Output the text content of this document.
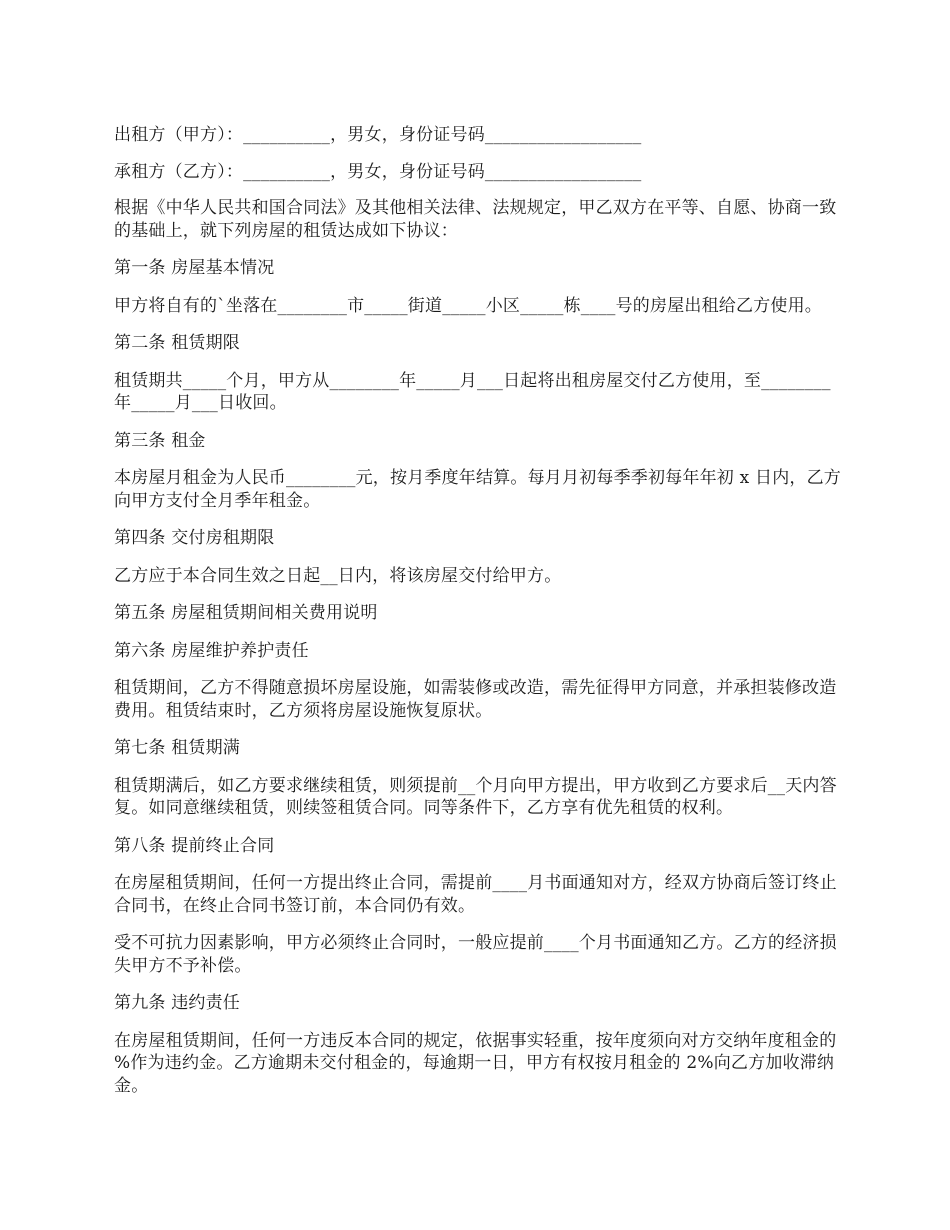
出租方（甲方）：__________，男女，身份证号码__________________

承租方（乙方）：__________，男女，身份证号码__________________

根据《中华人民共和国合同法》及其他相关法律、法规规定，甲乙双方在平等、自愿、协商一致的基础上，就下列房屋的租赁达成如下协议：

第一条 房屋基本情况

甲方将自有的`坐落在________市_____街道_____小区_____栋____号的房屋出租给乙方使用。

第二条 租赁期限

租赁期共_____个月，甲方从________年_____月___日起将出租房屋交付乙方使用，至________年_____月___日收回。

第三条 租金

本房屋月租金为人民币________元，按月季度年结算。每月月初每季季初每年年初 x 日内，乙方向甲方支付全月季年租金。

第四条 交付房租期限

乙方应于本合同生效之日起__日内，将该房屋交付给甲方。

第五条 房屋租赁期间相关费用说明

第六条 房屋维护养护责任

租赁期间，乙方不得随意损坏房屋设施，如需装修或改造，需先征得甲方同意，并承担装修改造费用。租赁结束时，乙方须将房屋设施恢复原状。

第七条 租赁期满

租赁期满后，如乙方要求继续租赁，则须提前__个月向甲方提出，甲方收到乙方要求后__天内答复。如同意继续租赁，则续签租赁合同。同等条件下，乙方享有优先租赁的权利。

第八条 提前终止合同

在房屋租赁期间，任何一方提出终止合同，需提前____月书面通知对方，经双方协商后签订终止合同书，在终止合同书签订前，本合同仍有效。

受不可抗力因素影响，甲方必须终止合同时，一般应提前____个月书面通知乙方。乙方的经济损失甲方不予补偿。

第九条 违约责任

在房屋租赁期间，任何一方违反本合同的规定，依据事实轻重，按年度须向对方交纳年度租金的 %作为违约金。乙方逾期未交付租金的，每逾期一日，甲方有权按月租金的 2%向乙方加收滞纳金。
